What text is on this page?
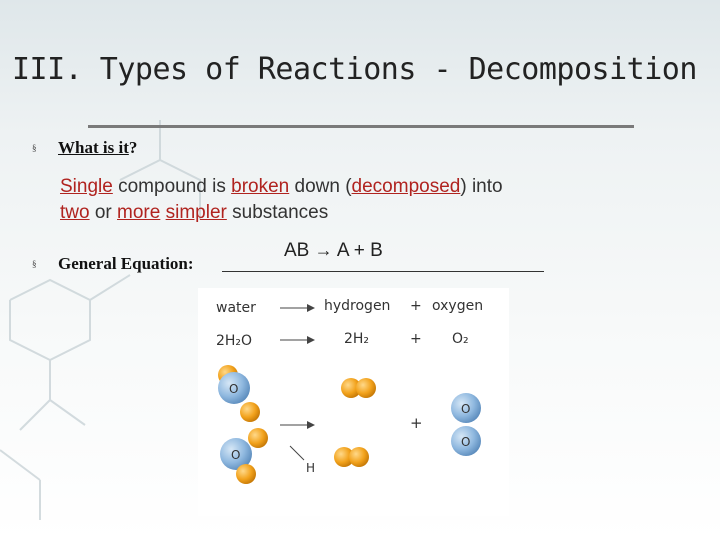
III. Types of Reactions - Decomposition
§ What is it?
Single compound is broken down (decomposed) into
two or more simpler substances
§ General Equation:
AB → A + B
water	hydrogen + oxygen
2H₂O	2H₂	+ O₂
O
O
+
H
O
O
